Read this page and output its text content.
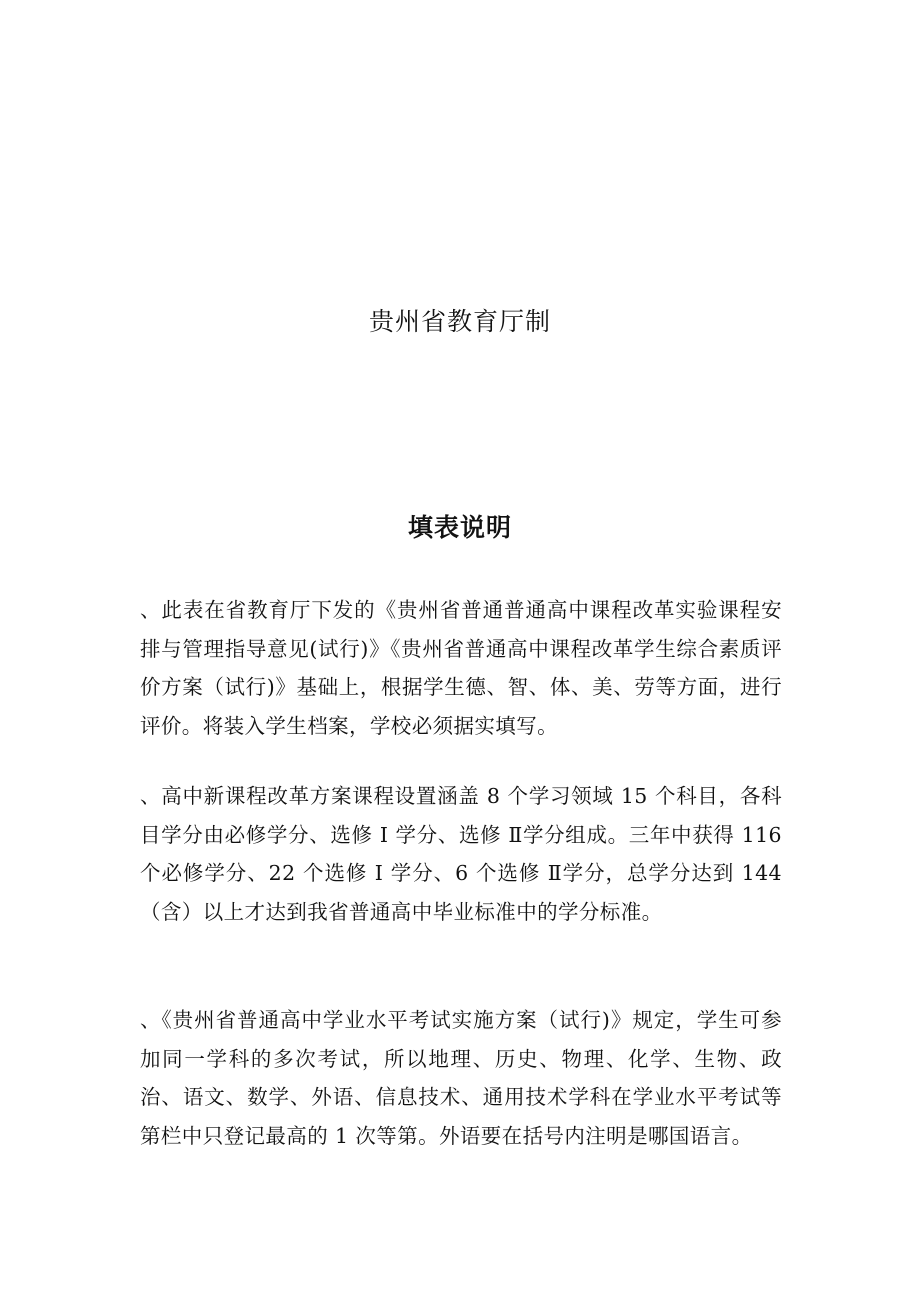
贵州省教育厅制
填表说明

、此表在省教育厅下发的《贵州省普通普通高中课程改革实验课程安排与管理指导意见(试行)》《贵州省普通高中课程改革学生综合素质评价方案（试行)》基础上，根据学生德、智、体、美、劳等方面，进行评价。将装入学生档案，学校必须据实填写。

、高中新课程改革方案课程设置涵盖 8 个学习领域 15 个科目，各科目学分由必修学分、选修 I 学分、选修 Ⅱ学分组成。三年中获得 116 个必修学分、22 个选修 I 学分、6 个选修 Ⅱ学分，总学分达到 144（含）以上才达到我省普通高中毕业标准中的学分标准。

、《贵州省普通高中学业水平考试实施方案（试行)》规定，学生可参加同一学科的多次考试，所以地理、历史、物理、化学、生物、政治、语文、数学、外语、信息技术、通用技术学科在学业水平考试等第栏中只登记最高的 1 次等第。外语要在括号内注明是哪国语言。
